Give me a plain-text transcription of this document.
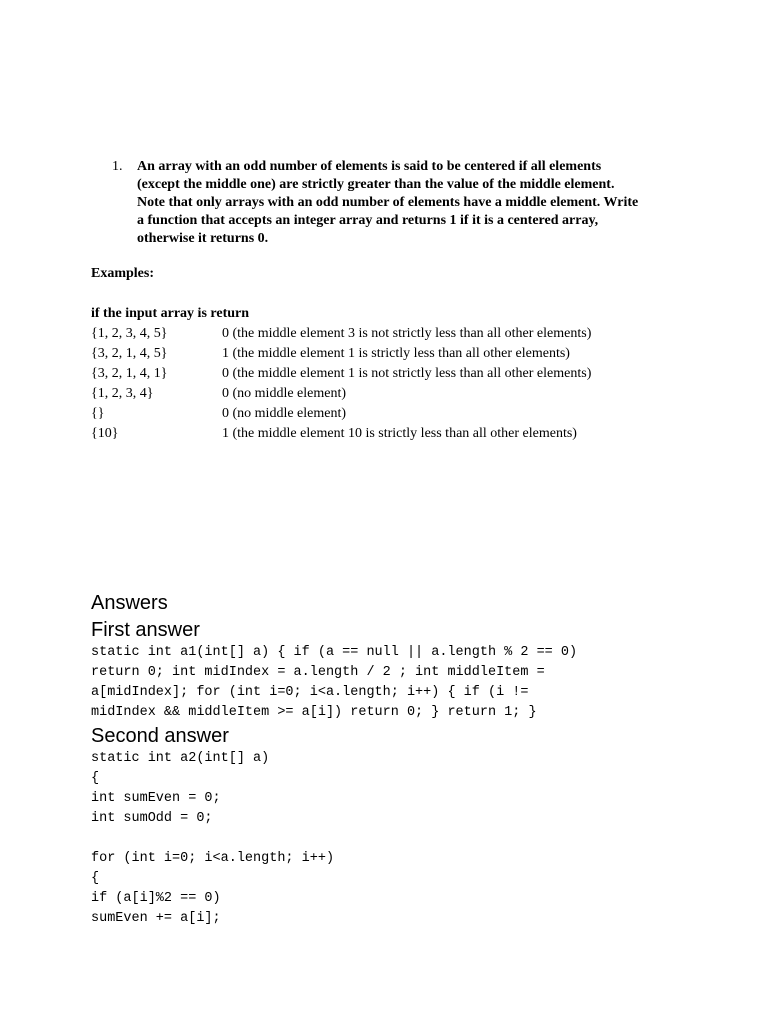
1. An array with an odd number of elements is said to be centered if all elements
(except the middle one) are strictly greater than the value of the middle element.
Note that only arrays with an odd number of elements have a middle element. Write
a function that accepts an integer array and returns 1 if it is a centered array,
otherwise it returns 0.
Examples:
if the input array is return
{1, 2, 3, 4, 5}	0 (the middle element 3 is not strictly less than all other elements)
{3, 2, 1, 4, 5}	1 (the middle element 1 is strictly less than all other elements)
{3, 2, 1, 4, 1}	0 (the middle element 1 is not strictly less than all other elements)
{1, 2, 3, 4}	0 (no middle element)
{}	0 (no middle element)
{10}	1 (the middle element 10 is strictly less than all other elements)
Answers
First answer
static int a1(int[] a) { if (a == null || a.length % 2 == 0)
return 0; int midIndex = a.length / 2 ; int middleItem =
a[midIndex]; for (int i=0; i<a.length; i++) { if (i !=
midIndex && middleItem >= a[i]) return 0; } return 1; }
Second answer
static int a2(int[] a)
{
int sumEven = 0;
int sumOdd = 0;

for (int i=0; i<a.length; i++)
{
if (a[i]%2 == 0)
sumEven += a[i];
